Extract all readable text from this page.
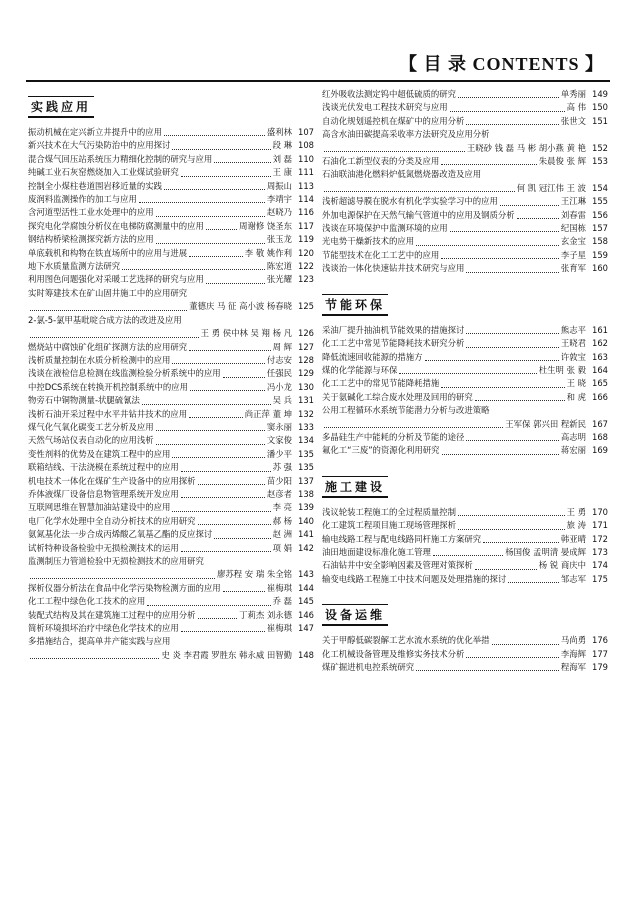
【 目 录 CONTENTS 】
实践应用
振动机械在定兴新立井提升中的应用	盛利林 107
新兴技术在大气污染防治中的应用探讨	段 琳 108
混合煤气回压站系统压力精细化控制的研究与应用	刘 磊 110
纯碱工业石灰窑燃烧加入工业煤试验研究	王 康 111
控制全小煤柱巷道围岩移近量的实践	周振山 113
废润料监测操作的加工与应用	李靖宇 114
含河道型活性工业水处理中的应用	赵晓乃 116
探究电化学腐蚀分析仪在电梯防腐测量中的应用	周谢修 饶圣东 117
钢结构桥梁检测探究新方法的应用	张玉龙 119
单底载机和构物在铁直场所中的应用与进展	李 敬 姚作利 120
地下水质量监测方法研究	陈宏道 122
利用图色问题强化对采暖工艺选择的研究与应用	张光耀 123
实时筹建技术在矿山固井施工中的应用研究
董德庆 马 征 高小波 杨春晓 125
2-氯-5-氯甲基吡啶合成方法的改进及应用
王 勇 侯中林 吴 翔 杨 凡 126
燃烧站中腐蚀矿化组矿探测方法的应用研究	周 辉 127
浅析质量控制在水质分析检测中的应用	付志安 128
浅谈在液检信息检测在线监测检验分析系统中的应用	任强民 129
中控DCS系统在转换开机控制系统中的应用	冯小龙 130
物旁石中铜物测量-状腿硫氰法	吴 兵 131
浅析石油开采过程中水平井钻井技术的应用	尚正萍 董 坤 132
煤气化气氧化碳变工艺分析及应用	窦永丽 133
天然气场站仪表自动化的应用浅析	文家俊 134
变性剂料的优势及在建筑工程中的应用	潘少平 135
联箱结线、干法浇模在系统过程中的应用	苏 强 135
机电技术一体化在煤矿生产设备中的应用探析	苗少阳 137
乔体液煤厂设备信息物管理系统开发应用	赵彦者 138
互联网思维在智慧加油站建设中的应用	李 亮 139
电厂化学水处理中全自动分析技术的应用研究	郝 杨 140
氨氮基化法一步合成丙烯酸乙氧基乙酯的反应探讨	赵 洲 141
试析特种设备检验中无损检测技术的运用	项 娟 142
监测制压力管道检验中无损检测技术的应用研究
廖苏程 安 瑞 朱全铭 143
探析仪器分析法在食品中化学污染物检测方面的应用	崔梅琪 144
化工工程中绿色化工技术的应用	乔 磊 145
装配式结构及其在建筑施工过程中的应用分析	丁莉杰 刘永德 146
简析环境损坏治疗中绿色化学技术的应用	崔梅琪 147
多措施结合，提高单井产能实践与应用
史 炎 李君霞 罗胜东 韩永威 田智勤 148
红外吸收法测定钨中超低硫质的研究	单秀丽 149
浅谈光伏发电工程技术研究与应用	高 伟 150
自动化规划遥控机在煤矿中的应用分析	张世文 151
高含水油田碳提高采收率方法研究及应用分析
王晓砂 钱 磊 马 彬 胡小燕 黄 艳 152
石油化工新型仪表的分类及应用	朱晨俊 张 辉 153
石油联油港化燃料炉低氮燃烧器改造及应用
何 凯 冠江伟 王 波 154
浅析超滤导膜在脱水有机化学实验学习中的应用	王江琳 155
外加电源保护在天然气输气管道中的应用及钢质分析	刘春雷 156
浅谈在环境保护中监测环境的应用	纪国栋 157
光电势干燥新技术的应用	玄金宝 158
节能型技术在化工工艺中的应用	李子星 159
浅谈治一体化快速钻井技术研究与应用	张育军 160
节能环保
采油厂提升抽油机节能效果的措施探讨	熊志平 161
化工工艺中常见节能降耗技术研究分析	王晓君 162
降低流速回收能源的措施方	许敦宝 163
煤的化学能源与环保	杜生明 张 毅 164
化工工艺中的常见节能降耗措施	王 晓 165
关于氨碱化工综合废水处理及回用的研究	和 虎 166
公用工程循环水系统节能潜力分析与改进策略
王军保 郭兴田 程新民 167
多晶硅生产中能耗的分析及节能的途径	高志明 168
氟化工“三废”的资源化利用研究	蒋宏丽 169
施工建设
浅议轮装工程施工的全过程质量控制	王 勇 170
化工建筑工程项目施工现场管理探析	旅 涛 171
输电线路工程与配电线路同杆施工方案研究	韩亚晴 172
油田地面建设标准化施工管理	杨国俊 孟明清 晏成辉 173
石油钻井中安全影响因素及管理对策探析	杨 锐 商庆中 174
输变电线路工程施工中技术问题及处理措施的探讨	邹志军 175
设备运维
关于甲醇低碳裂解工艺水流水系统的优化举措	马尚勇 176
化工机械设备管理及维修实务技术分析	李海辉 177
煤矿掘进机电控系统研究	程海军 179
